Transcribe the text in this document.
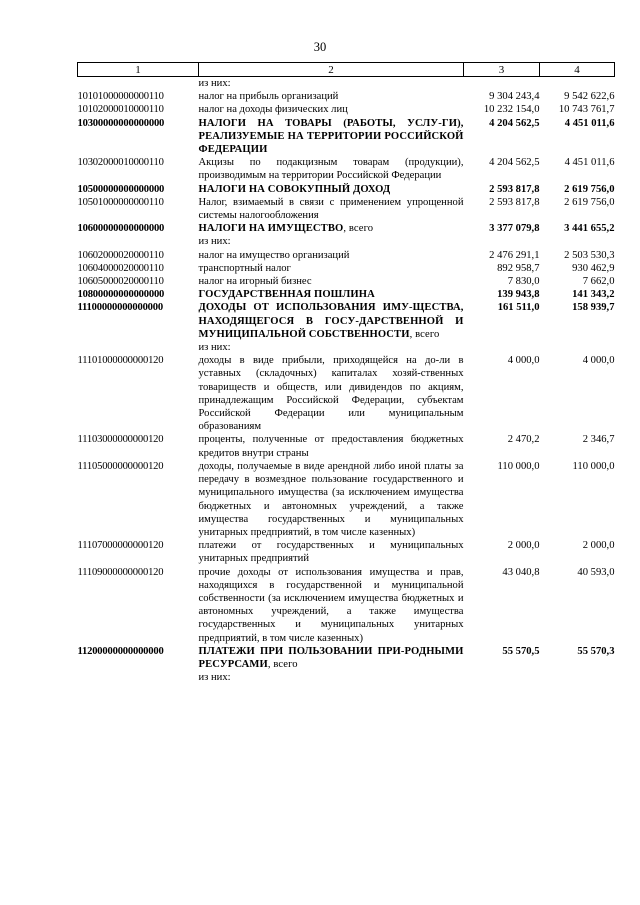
30
1	2	3	4
	из них:		
10101000000000110	налог на прибыль организаций	9 304 243,4	9 542 622,6
10102000010000110	налог на доходы физических лиц	10 232 154,0	10 743 761,7
10300000000000000	НАЛОГИ НА ТОВАРЫ (РАБОТЫ, УСЛУ-ГИ), РЕАЛИЗУЕМЫЕ НА ТЕРРИТОРИИ РОССИЙСКОЙ ФЕДЕРАЦИИ	4 204 562,5	4 451 011,6
10302000010000110	Акцизы по подакцизным товарам (продукции), производимым на территории Российской Федерации	4 204 562,5	4 451 011,6
10500000000000000	НАЛОГИ НА СОВОКУПНЫЙ ДОХОД	2 593 817,8	2 619 756,0
10501000000000110	Налог, взимаемый в связи с применением упрощенной системы налогообложения	2 593 817,8	2 619 756,0
10600000000000000	НАЛОГИ НА ИМУЩЕСТВО, всего	3 377 079,8	3 441 655,2
	из них:		
10602000020000110	налог на имущество организаций	2 476 291,1	2 503 530,3
10604000020000110	транспортный налог	892 958,7	930 462,9
10605000020000110	налог на игорный бизнес	7 830,0	7 662,0
10800000000000000	ГОСУДАРСТВЕННАЯ ПОШЛИНА	139 943,8	141 343,2
11100000000000000	ДОХОДЫ ОТ ИСПОЛЬЗОВАНИЯ ИМУ-ЩЕСТВА, НАХОДЯЩЕГОСЯ В ГОСУ-ДАРСТВЕННОЙ И МУНИЦИПАЛЬНОЙ СОБСТВЕННОСТИ, всего	161 511,0	158 939,7
	из них:		
11101000000000120	доходы в виде прибыли, приходящейся на до-ли в уставных (складочных) капиталах хозяй-ственных товариществ и обществ, или дивидендов по акциям, принадлежащим Российской Федерации, субъектам Российской Федерации или муниципальным образованиям	4 000,0	4 000,0
11103000000000120	проценты, полученные от предоставления бюджетных кредитов внутри страны	2 470,2	2 346,7
11105000000000120	доходы, получаемые в виде арендной либо иной платы за передачу в возмездное пользование государственного и муниципального имущества (за исключением имущества бюджетных и автономных учреждений, а также имущества государственных и муниципальных унитарных предприятий, в том числе казенных)	110 000,0	110 000,0
11107000000000120	платежи от государственных и муниципальных унитарных предприятий	2 000,0	2 000,0
11109000000000120	прочие доходы от использования имущества и прав, находящихся в государственной и муниципальной собственности (за исключением имущества бюджетных и автономных учреждений, а также имущества государственных и муниципальных унитарных предприятий, в том числе казенных)	43 040,8	40 593,0
11200000000000000	ПЛАТЕЖИ ПРИ ПОЛЬЗОВАНИИ ПРИ-РОДНЫМИ РЕСУРСАМИ, всего	55 570,5	55 570,3
	из них:		
